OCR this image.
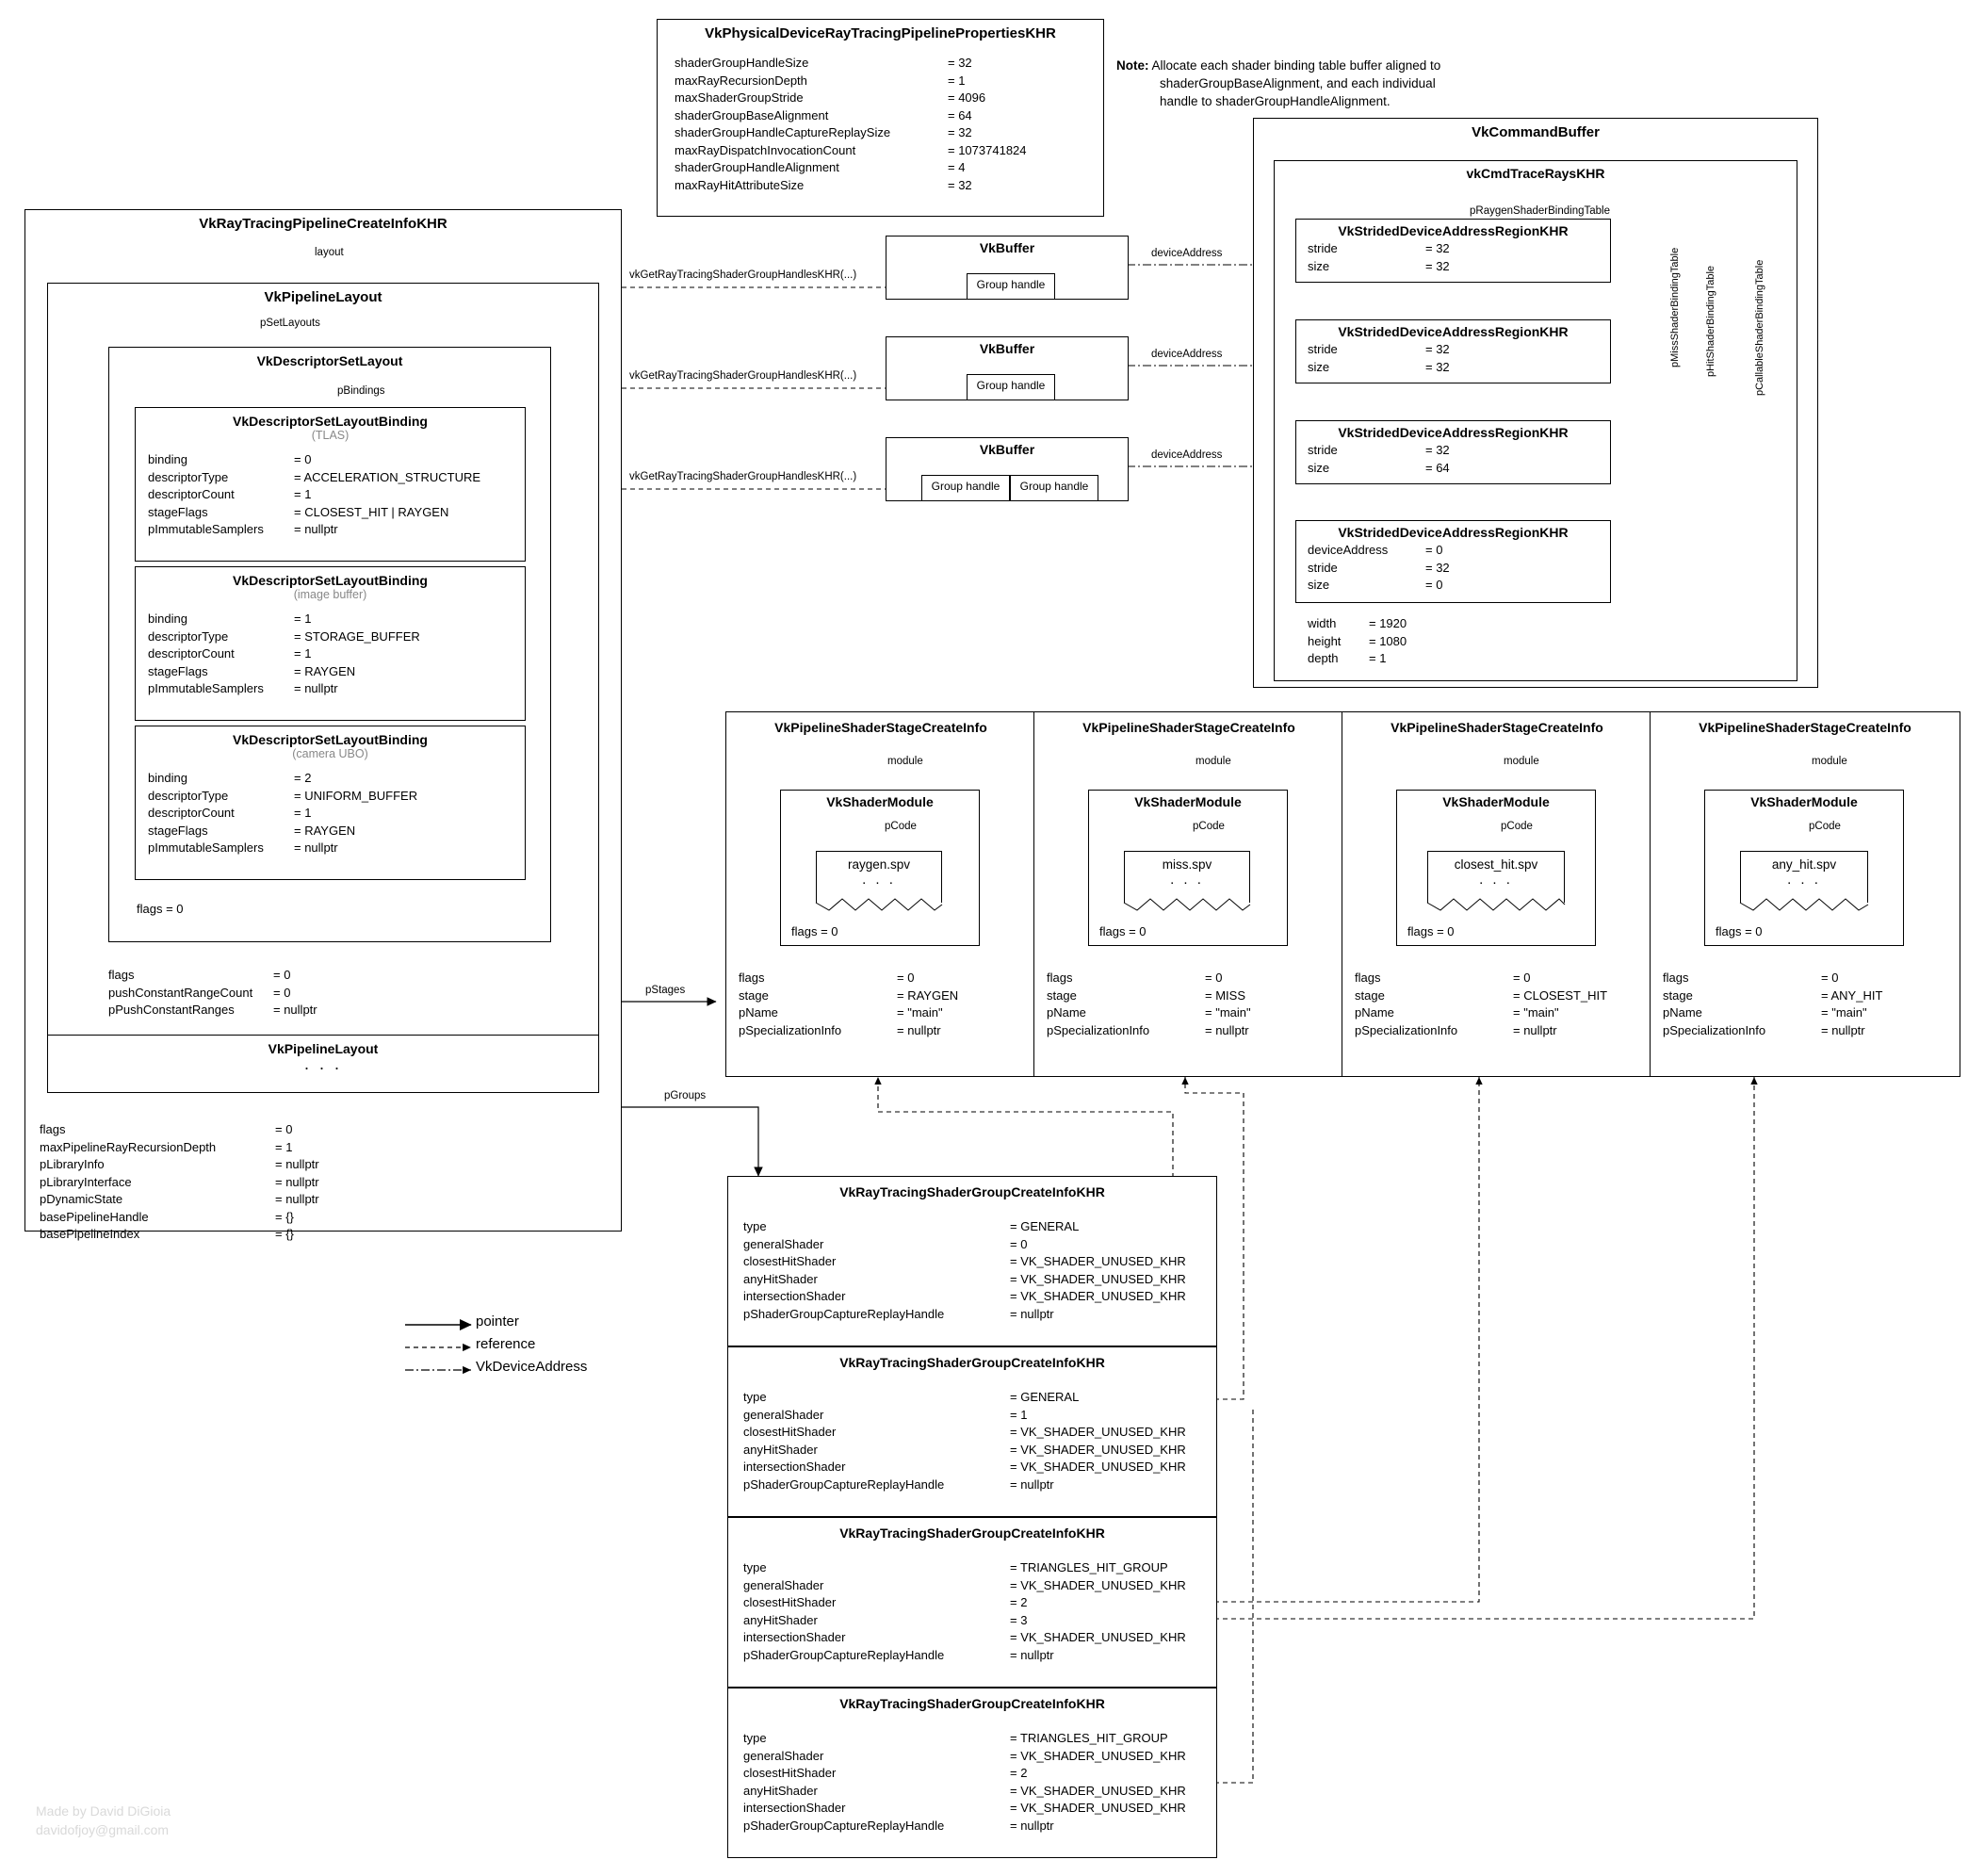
VkPhysicalDeviceRayTracingPipelinePropertiesKHR
shaderGroupHandleSize	= 32
maxRayRecursionDepth	= 1
maxShaderGroupStride	= 4096
shaderGroupBaseAlignment	= 64
shaderGroupHandleCaptureReplaySize	= 32
maxRayDispatchInvocationCount	= 1073741824
shaderGroupHandleAlignment	= 4
maxRayHitAttributeSize	= 32
Note: Allocate each shader binding table buffer aligned to
shaderGroupBaseAlignment, and each individual
handle to shaderGroupHandleAlignment.
VkRayTracingPipelineCreateInfoKHR
layout
VkPipelineLayout
pSetLayouts
VkDescriptorSetLayout
pBindings
VkDescriptorSetLayoutBinding
(TLAS)
binding	= 0
descriptorType	= ACCELERATION_STRUCTURE
descriptorCount	= 1
stageFlags	= CLOSEST_HIT | RAYGEN
pImmutableSamplers = nullptr
VkDescriptorSetLayoutBinding
(image buffer)
binding	= 1
descriptorType	= STORAGE_BUFFER
descriptorCount	= 1
stageFlags	= RAYGEN
pImmutableSamplers = nullptr
VkDescriptorSetLayoutBinding
(camera UBO)
binding	= 2
descriptorType	= UNIFORM_BUFFER
descriptorCount	= 1
stageFlags	= RAYGEN
pImmutableSamplers = nullptr
flags = 0
flags	= 0
pushConstantRangeCount = 0
pPushConstantRanges	= nullptr
VkPipelineLayout
. . .
flags	= 0
maxPipelineRayRecursionDepth	= 1
pLibraryInfo	= nullptr
pLibraryInterface	= nullptr
pDynamicState	= nullptr
basePipelineHandle	= {}
basePipelineIndex	= {}
VkBuffer
Group handle
vkGetRayTracingShaderGroupHandlesKHR(...)
deviceAddress
VkBuffer
Group handle
vkGetRayTracingShaderGroupHandlesKHR(...)
deviceAddress
VkBuffer
Group handle	Group handle
vkGetRayTracingShaderGroupHandlesKHR(...)
deviceAddress
VkCommandBuffer
vkCmdTraceRaysKHR
pRaygenShaderBindingTable
pMissShaderBindingTable pHitShaderBindingTable	pCallableShaderBindingTable
VkStridedDeviceAddressRegionKHR
stride	= 32
size	= 32
VkStridedDeviceAddressRegionKHR
stride	= 32
size	= 32
VkStridedDeviceAddressRegionKHR
stride	= 32
size	= 64
VkStridedDeviceAddressRegionKHR
deviceAddress	= 0
stride	= 32
size	= 0
width	= 1920
height = 1080
depth = 1
pStages
pGroups
VkPipelineShaderStageCreateInfo
module
VkShaderModule
pCode
raygen.spv
. . .
flags = 0
flags	= 0
stage	= RAYGEN
pName	= "main"
pSpecializationInfo	= nullptr
VkPipelineShaderStageCreateInfo
module
VkShaderModule
pCode
miss.spv
. . .
flags = 0
flags	= 0
stage	= MISS
pName	= "main"
pSpecializationInfo	= nullptr
VkPipelineShaderStageCreateInfo
module
VkShaderModule
pCode
closest_hit.spv
. . .
flags = 0
flags	= 0
stage	= CLOSEST_HIT
pName	= "main"
pSpecializationInfo	= nullptr
VkPipelineShaderStageCreateInfo
module
VkShaderModule
pCode
any_hit.spv
. . .
flags = 0
flags	= 0
stage	= ANY_HIT
pName	= "main"
pSpecializationInfo	= nullptr
VkRayTracingShaderGroupCreateInfoKHR
type	= GENERAL
generalShader	= 0
closestHitShader	= VK_SHADER_UNUSED_KHR
anyHitShader	= VK_SHADER_UNUSED_KHR
intersectionShader	= VK_SHADER_UNUSED_KHR
pShaderGroupCaptureReplayHandle	= nullptr
VkRayTracingShaderGroupCreateInfoKHR
type	= GENERAL
generalShader	= 1
closestHitShader	= VK_SHADER_UNUSED_KHR
anyHitShader	= VK_SHADER_UNUSED_KHR
intersectionShader	= VK_SHADER_UNUSED_KHR
pShaderGroupCaptureReplayHandle	= nullptr
VkRayTracingShaderGroupCreateInfoKHR
type	= TRIANGLES_HIT_GROUP
generalShader	= VK_SHADER_UNUSED_KHR
closestHitShader	= 2
anyHitShader	= 3
intersectionShader	= VK_SHADER_UNUSED_KHR
pShaderGroupCaptureReplayHandle	= nullptr
VkRayTracingShaderGroupCreateInfoKHR
type	= TRIANGLES_HIT_GROUP
generalShader	= VK_SHADER_UNUSED_KHR
closestHitShader	= 2
anyHitShader	= VK_SHADER_UNUSED_KHR
intersectionShader	= VK_SHADER_UNUSED_KHR
pShaderGroupCaptureReplayHandle	= nullptr
pointer
reference
VkDeviceAddress
Made by David DiGioia
davidofjoy@gmail.com
